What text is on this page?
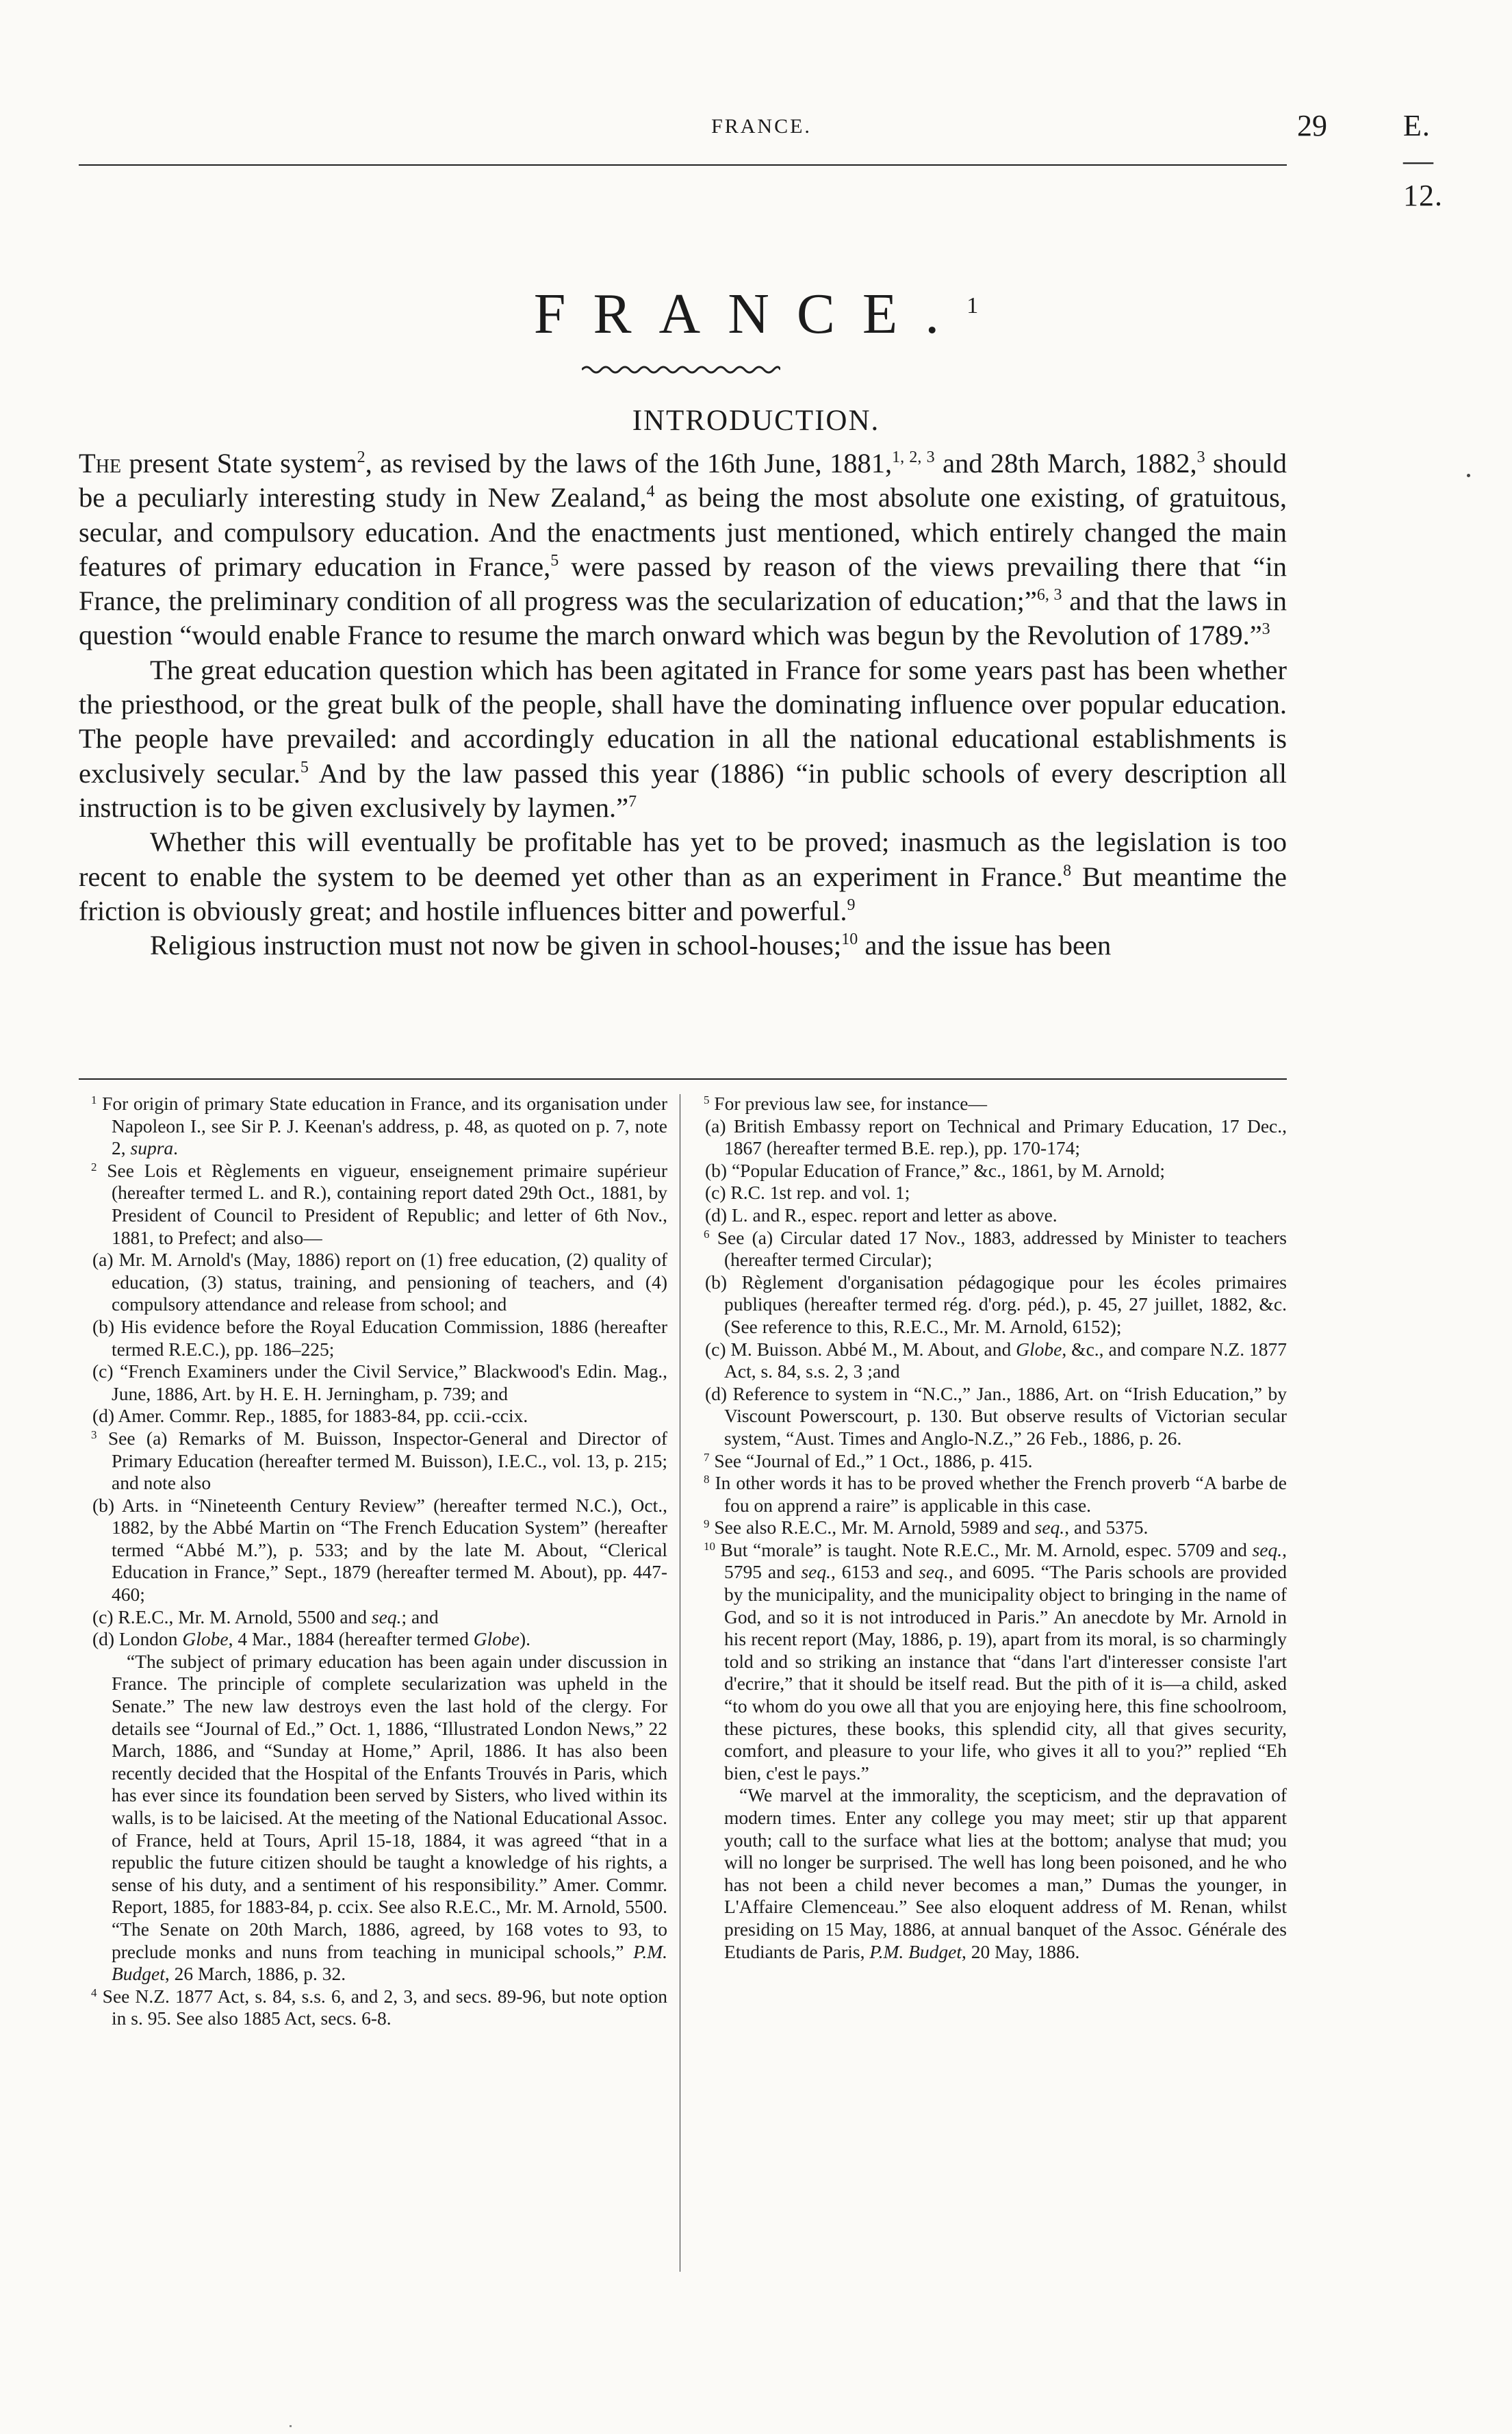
FRANCE.	29	E.—12.
FRANCE.$^1$
INTRODUCTION.

The present State system$^2$, as revised by the laws of the 16th June, 1881,$^{1, 2, 3}$ and 28th March, 1882,$^3$ should be a peculiarly interesting study in New Zealand,$^4$ as being the most absolute one existing, of gratuitous, secular, and compulsory education. And the enactments just mentioned, which entirely changed the main features of primary education in France,$^5$ were passed by reason of the views prevailing there that “in France, the preliminary condition of all progress was the secularization of education;”$^{6, 3}$ and that the laws in question “would enable France to resume the march onward which was begun by the Revolution of 1789.”$^3$

The great education question which has been agitated in France for some years past has been whether the priesthood, or the great bulk of the people, shall have the dominating influence over popular education. The people have prevailed: and accordingly education in all the national educational establishments is exclusively secular.$^5$ And by the law passed this year (1886) “in public schools of every description all instruction is to be given exclusively by laymen.”$^7$

Whether this will eventually be profitable has yet to be proved; inasmuch as the legislation is too recent to enable the system to be deemed yet other than as an experiment in France.$^8$ But meantime the friction is obviously great; and hostile influences bitter and powerful.$^9$

Religious instruction must not now be given in school-houses;$^{10}$ and the issue has been

$^1$ For origin of primary State education in France, and its organisation under Napoleon I., see Sir P. J. Keenan's address, p. 48, as quoted on p. 7, note 2, supra.
$^2$ See Lois et Règlements en vigueur, enseignement primaire supérieur (hereafter termed L. and R.), containing report dated 29th Oct., 1881, by President of Council to President of Republic; and letter of 6th Nov., 1881, to Prefect; and also—
(a) Mr. M. Arnold's (May, 1886) report on (1) free education, (2) quality of education, (3) status, training, and pensioning of teachers, and (4) compulsory attendance and release from school; and
(b) His evidence before the Royal Education Commission, 1886 (hereafter termed R.E.C.), pp. 186–225;
(c) “French Examiners under the Civil Service,” Blackwood's Edin. Mag., June, 1886, Art. by H. E. H. Jerningham, p. 739; and
(d) Amer. Commr. Rep., 1885, for 1883-84, pp. ccii.-ccix.
$^3$ See (a) Remarks of M. Buisson, Inspector-General and Director of Primary Education (hereafter termed M. Buisson), I.E.C., vol. 13, p. 215; and note also
(b) Arts. in “Nineteenth Century Review” (hereafter termed N.C.), Oct., 1882, by the Abbé Martin on “The French Education System” (hereafter termed “Abbé M.”), p. 533; and by the late M. About, “Clerical Education in France,” Sept., 1879 (hereafter termed M. About), pp. 447-460;
(c) R.E.C., Mr. M. Arnold, 5500 and seq.; and
(d) London Globe, 4 Mar., 1884 (hereafter termed Globe).
“The subject of primary education has been again under discussion in France. The principle of complete secularization was upheld in the Senate.” The new law destroys even the last hold of the clergy. For details see “Journal of Ed.,” Oct. 1, 1886, “Illustrated London News,” 22 March, 1886, and “Sunday at Home,” April, 1886. It has also been recently decided that the Hospital of the Enfants Trouvés in Paris, which has ever since its foundation been served by Sisters, who lived within its walls, is to be laicised. At the meeting of the National Educational Assoc. of France, held at Tours, April 15-18, 1884, it was agreed “that in a republic the future citizen should be taught a knowledge of his rights, a sense of his duty, and a sentiment of his responsibility.” Amer. Commr. Report, 1885, for 1883-84, p. ccix. See also R.E.C., Mr. M. Arnold, 5500. “The Senate on 20th March, 1886, agreed, by 168 votes to 93, to preclude monks and nuns from teaching in municipal schools,” P.M. Budget, 26 March, 1886, p. 32.
$^4$ See N.Z. 1877 Act, s. 84, s.s. 6, and 2, 3, and secs. 89-96, but note option in s. 95. See also 1885 Act, secs. 6-8.
$^5$ For previous law see, for instance—
(a) British Embassy report on Technical and Primary Education, 17 Dec., 1867 (hereafter termed B.E. rep.), pp. 170-174;
(b) “Popular Education of France,” &c., 1861, by M. Arnold;
(c) R.C. 1st rep. and vol. 1;
(d) L. and R., espec. report and letter as above.
$^6$ See (a) Circular dated 17 Nov., 1883, addressed by Minister to teachers (hereafter termed Circular);
(b) Règlement d'organisation pédagogique pour les écoles primaires publiques (hereafter termed rég. d'org. péd.), p. 45, 27 juillet, 1882, &c. (See reference to this, R.E.C., Mr. M. Arnold, 6152);
(c) M. Buisson. Abbé M., M. About, and Globe, &c., and compare N.Z. 1877 Act, s. 84, s.s. 2, 3 ;and
(d) Reference to system in “N.C.,” Jan., 1886, Art. on “Irish Education,” by Viscount Powerscourt, p. 130. But observe results of Victorian secular system, “Aust. Times and Anglo-N.Z.,” 26 Feb., 1886, p. 26.
$^7$ See “Journal of Ed.,” 1 Oct., 1886, p. 415.
$^8$ In other words it has to be proved whether the French proverb “A barbe de fou on apprend a raire” is applicable in this case.
$^9$ See also R.E.C., Mr. M. Arnold, 5989 and seq., and 5375.
$^{10}$ But “morale” is taught. Note R.E.C., Mr. M. Arnold, espec. 5709 and seq., 5795 and seq., 6153 and seq., and 6095. “The Paris schools are provided by the municipality, and the municipality object to bringing in the name of God, and so it is not introduced in Paris.” An anecdote by Mr. Arnold in his recent report (May, 1886, p. 19), apart from its moral, is so charmingly told and so striking an instance that “dans l'art d'interesser consiste l'art d'ecrire,” that it should be itself read. But the pith of it is—a child, asked “to whom do you owe all that you are enjoying here, this fine schoolroom, these pictures, these books, this splendid city, all that gives security, comfort, and pleasure to your life, who gives it all to you?” replied “Eh bien, c'est le pays.”
“We marvel at the immorality, the scepticism, and the depravation of modern times. Enter any college you may meet; stir up that apparent youth; call to the surface what lies at the bottom; analyse that mud; you will no longer be surprised. The well has long been poisoned, and he who has not been a child never becomes a man,” Dumas the younger, in L'Affaire Clemenceau.” See also eloquent address of M. Renan, whilst presiding on 15 May, 1886, at annual banquet of the Assoc. Générale des Etudiants de Paris, P.M. Budget, 20 May, 1886.
